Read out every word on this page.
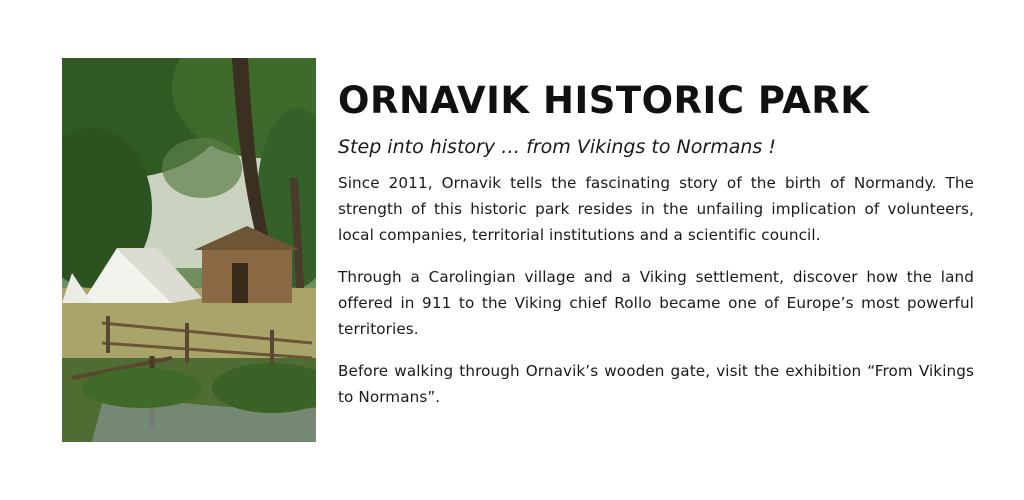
ORNAVIK HISTORIC PARK

Step into history … from Vikings to Normans !

Since 2011, Ornavik tells the fascinating story of the birth of Normandy. The strength of this historic park resides in the unfailing implication of volunteers, local companies, territorial institutions and a scientific council.

Through a Carolingian village and a Viking settlement, discover how the land offered in 911 to the Viking chief Rollo became one of Europe’s most powerful territories.

Before walking through Ornavik’s wooden gate, visit the exhibition “From Vikings to Normans”.
